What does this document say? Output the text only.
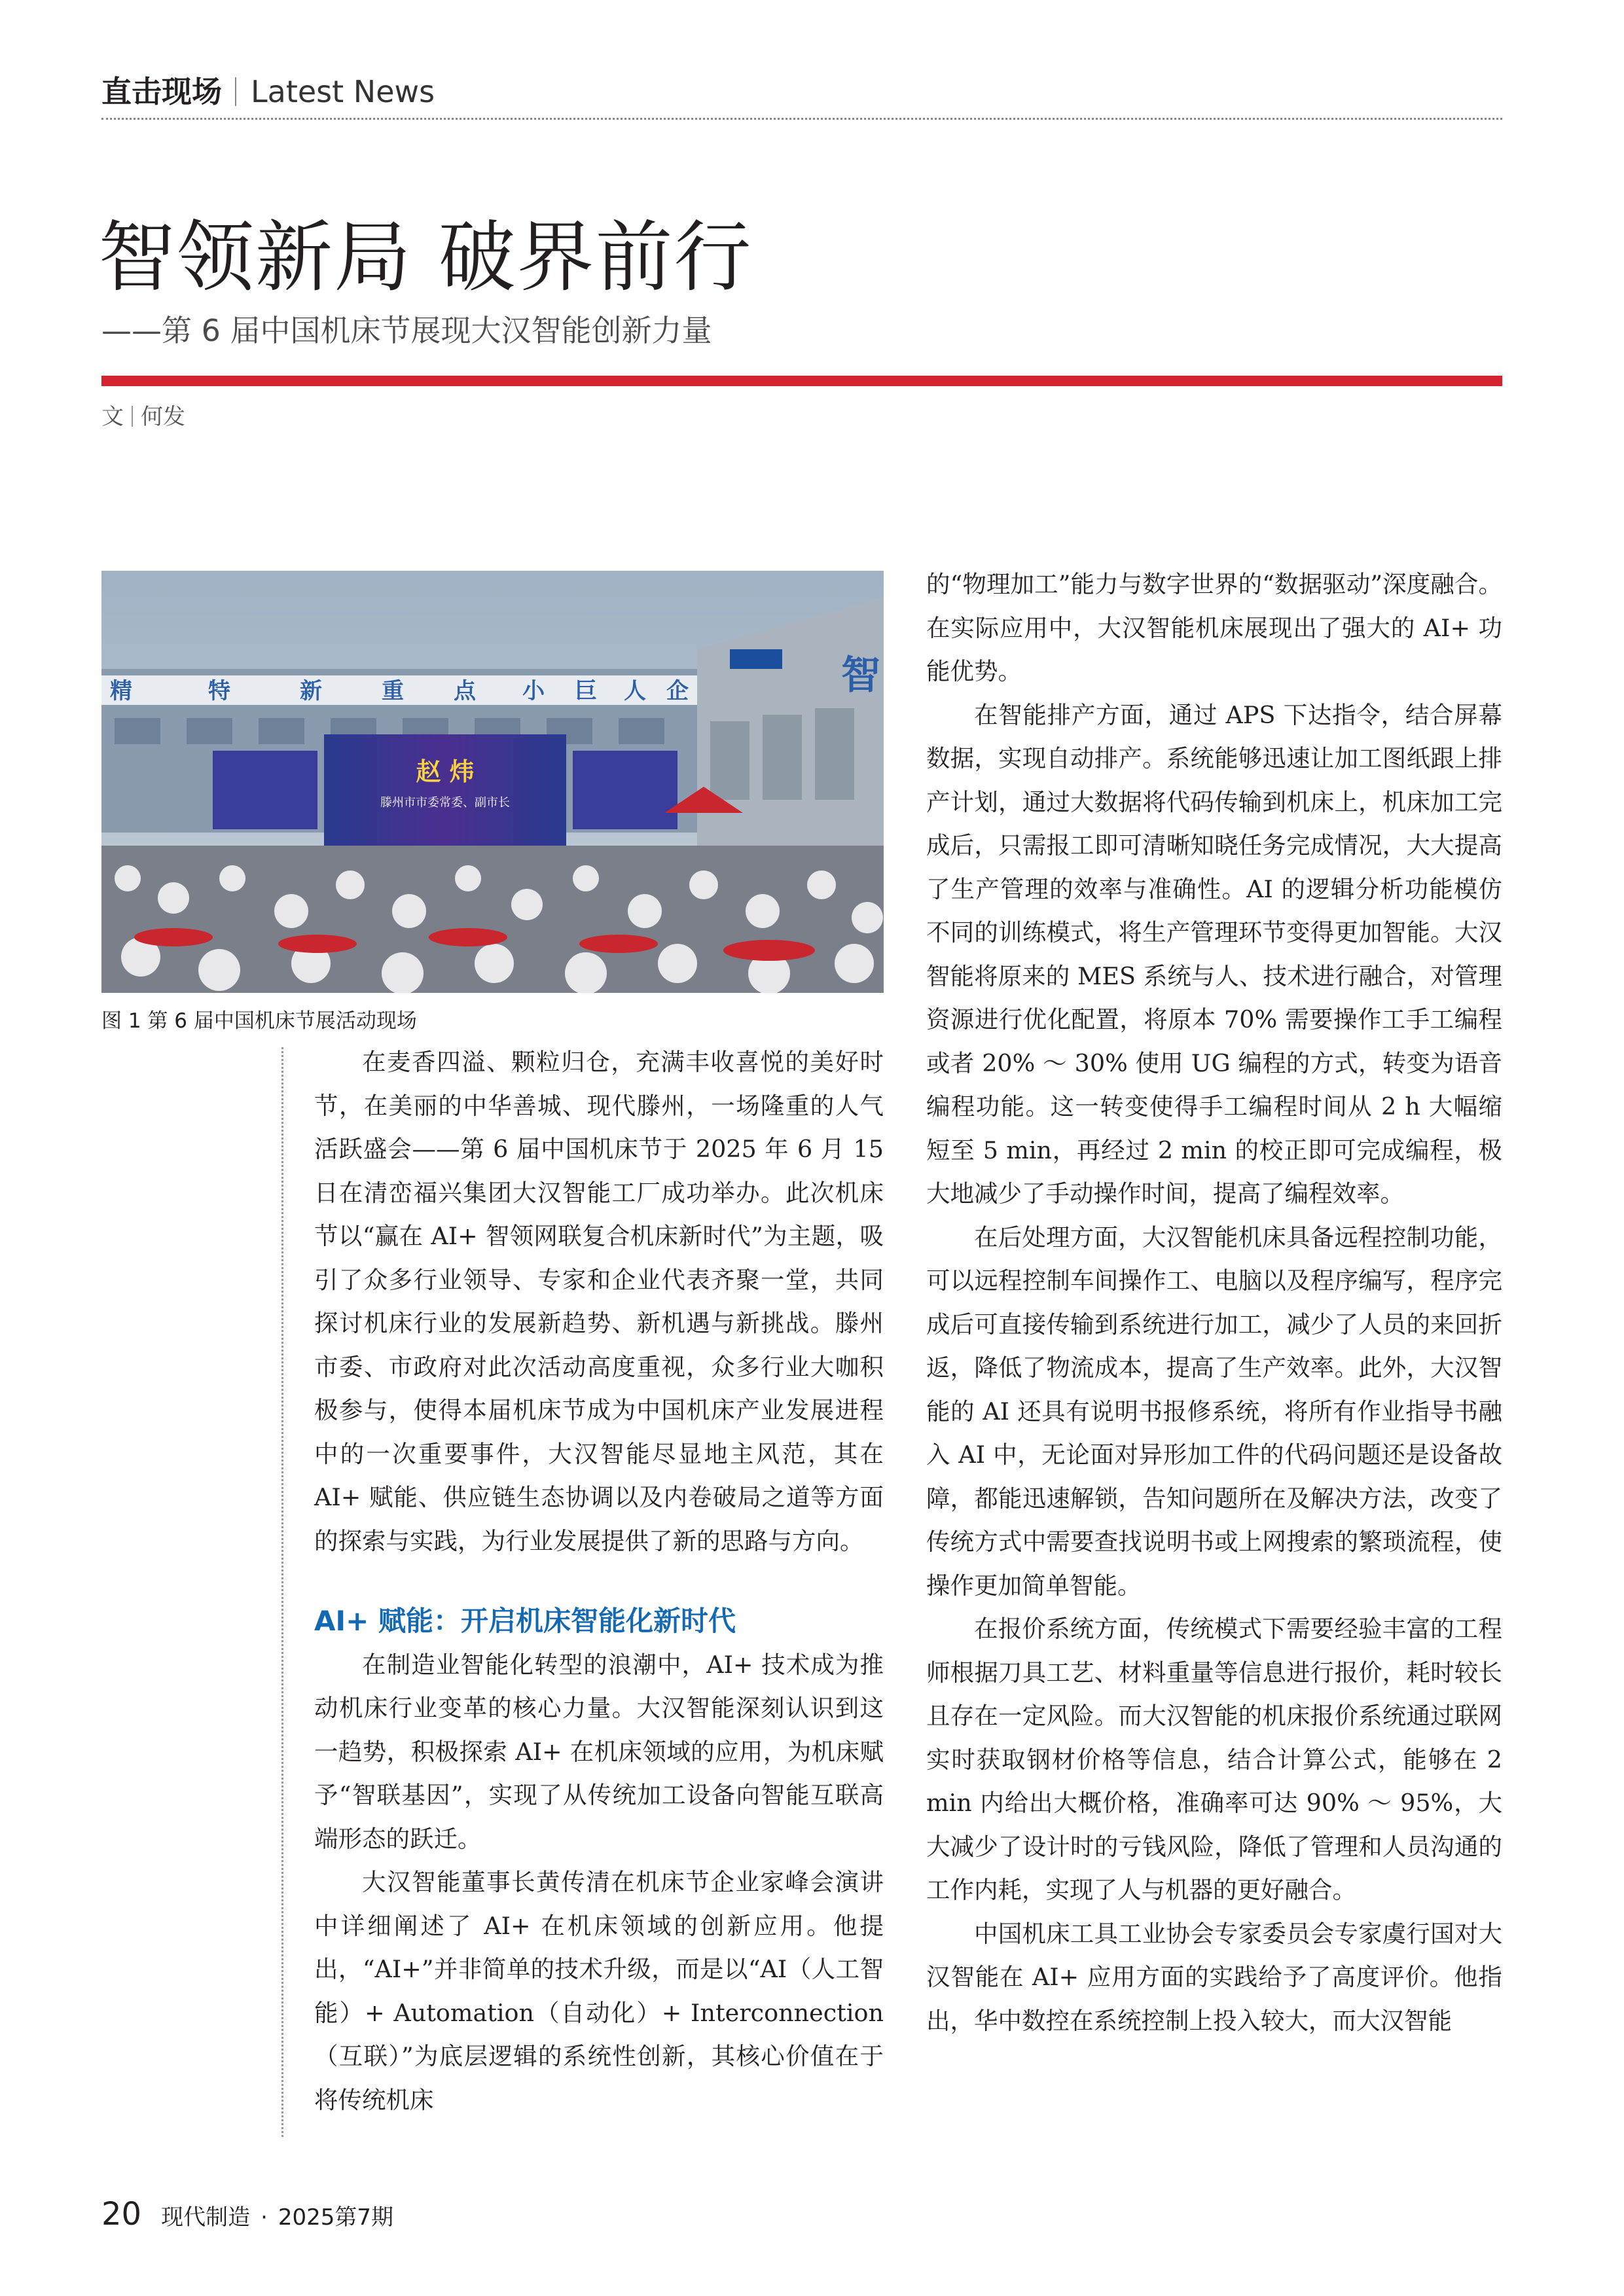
直击现场 Latest News
智领新局 破界前行
——第 6 届中国机床节展现大汉智能创新力量
文 何发
精	特	新	重 点 小 巨 人 企	智
赵 炜
滕州市市委常委、副市长
图 1 第 6 届中国机床节展活动现场

在麦香四溢、颗粒归仓，充满丰收喜悦的美好时节，在美丽的中华善城、现代滕州，一场隆重的人气活跃盛会——第 6 届中国机床节于 2025 年 6 月 15 日在清峦福兴集团大汉智能工厂成功举办。此次机床节以“赢在 AI+ 智领网联复合机床新时代”为主题，吸引了众多行业领导、专家和企业代表齐聚一堂，共同探讨机床行业的发展新趋势、新机遇与新挑战。滕州市委、市政府对此次活动高度重视，众多行业大咖积极参与，使得本届机床节成为中国机床产业发展进程中的一次重要事件，大汉智能尽显地主风范，其在 AI+ 赋能、供应链生态协调以及内卷破局之道等方面的探索与实践，为行业发展提供了新的思路与方向。

AI+ 赋能：开启机床智能化新时代

在制造业智能化转型的浪潮中，AI+ 技术成为推动机床行业变革的核心力量。大汉智能深刻认识到这一趋势，积极探索 AI+ 在机床领域的应用，为机床赋予“智联基因”，实现了从传统加工设备向智能互联高端形态的跃迁。

大汉智能董事长黄传清在机床节企业家峰会演讲中详细阐述了 AI+ 在机床领域的创新应用。他提出，“AI+”并非简单的技术升级，而是以“AI（人工智能）+ Automation（自动化）+ Interconnection（互联）”为底层逻辑的系统性创新，其核心价值在于将传统机床

的“物理加工”能力与数字世界的“数据驱动”深度融合。在实际应用中，大汉智能机床展现出了强大的 AI+ 功能优势。

在智能排产方面，通过 APS 下达指令，结合屏幕数据，实现自动排产。系统能够迅速让加工图纸跟上排产计划，通过大数据将代码传输到机床上，机床加工完成后，只需报工即可清晰知晓任务完成情况，大大提高了生产管理的效率与准确性。AI 的逻辑分析功能模仿不同的训练模式，将生产管理环节变得更加智能。大汉智能将原来的 MES 系统与人、技术进行融合，对管理资源进行优化配置，将原本 70% 需要操作工手工编程或者 20% ～ 30% 使用 UG 编程的方式，转变为语音编程功能。这一转变使得手工编程时间从 2 h 大幅缩短至 5 min，再经过 2 min 的校正即可完成编程，极大地减少了手动操作时间，提高了编程效率。

在后处理方面，大汉智能机床具备远程控制功能，可以远程控制车间操作工、电脑以及程序编写，程序完成后可直接传输到系统进行加工，减少了人员的来回折返，降低了物流成本，提高了生产效率。此外，大汉智能的 AI 还具有说明书报修系统，将所有作业指导书融入 AI 中，无论面对异形加工件的代码问题还是设备故障，都能迅速解锁，告知问题所在及解决方法，改变了传统方式中需要查找说明书或上网搜索的繁琐流程，使操作更加简单智能。

在报价系统方面，传统模式下需要经验丰富的工程师根据刀具工艺、材料重量等信息进行报价，耗时较长且存在一定风险。而大汉智能的机床报价系统通过联网实时获取钢材价格等信息，结合计算公式，能够在 2 min 内给出大概价格，准确率可达 90% ～ 95%，大大减少了设计时的亏钱风险，降低了管理和人员沟通的工作内耗，实现了人与机器的更好融合。

中国机床工具工业协会专家委员会专家虞行国对大汉智能在 AI+ 应用方面的实践给予了高度评价。他指出，华中数控在系统控制上投入较大，而大汉智能

20 现代制造 · 2025第7期
